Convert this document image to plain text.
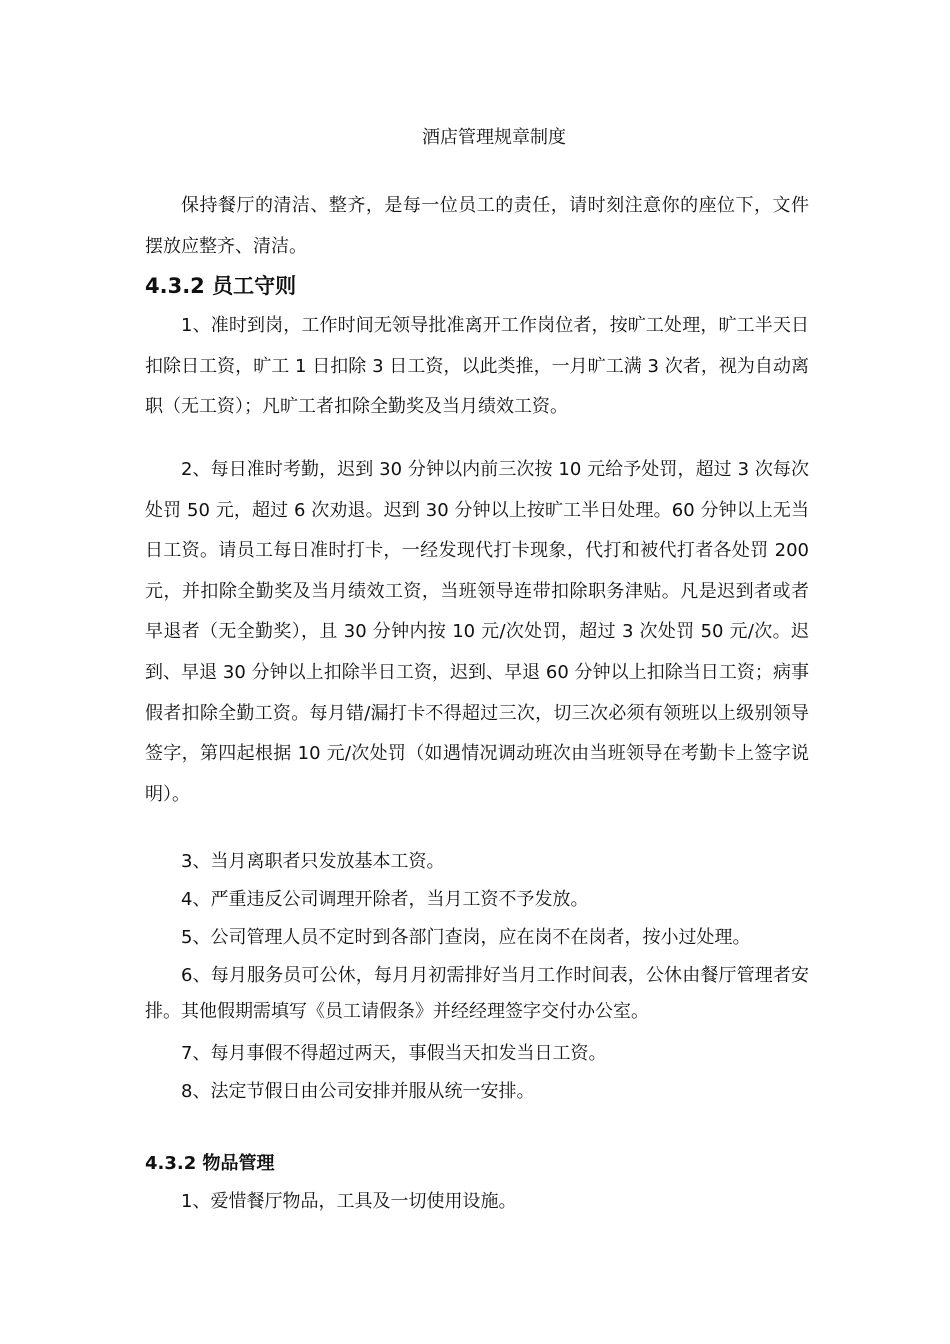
酒店管理规章制度

保持餐厅的清洁、整齐，是每一位员工的责任，请时刻注意你的座位下，文件摆放应整齐、清洁。

4.3.2 员工守则

1、准时到岗，工作时间无领导批准离开工作岗位者，按旷工处理，旷工半天日扣除日工资，旷工 1 日扣除 3 日工资，以此类推，一月旷工满 3 次者，视为自动离职（无工资）；凡旷工者扣除全勤奖及当月绩效工资。

2、每日准时考勤，迟到 30 分钟以内前三次按 10 元给予处罚，超过 3 次每次处罚 50 元，超过 6 次劝退。迟到 30 分钟以上按旷工半日处理。60 分钟以上无当日工资。请员工每日准时打卡，一经发现代打卡现象，代打和被代打者各处罚 200 元，并扣除全勤奖及当月绩效工资，当班领导连带扣除职务津贴。凡是迟到者或者早退者（无全勤奖），且 30 分钟内按 10 元/次处罚，超过 3 次处罚 50 元/次。迟到、早退 30 分钟以上扣除半日工资，迟到、早退 60 分钟以上扣除当日工资；病事假者扣除全勤工资。每月错/漏打卡不得超过三次，切三次必须有领班以上级别领导签字，第四起根据 10 元/次处罚（如遇情况调动班次由当班领导在考勤卡上签字说明）。

3、当月离职者只发放基本工资。

4、严重违反公司调理开除者，当月工资不予发放。

5、公司管理人员不定时到各部门查岗，应在岗不在岗者，按小过处理。

6、每月服务员可公休，每月月初需排好当月工作时间表，公休由餐厅管理者安排。其他假期需填写《员工请假条》并经经理签字交付办公室。

7、每月事假不得超过两天，事假当天扣发当日工资。

8、法定节假日由公司安排并服从统一安排。

4.3.2 物品管理

1、爱惜餐厅物品，工具及一切使用设施。
